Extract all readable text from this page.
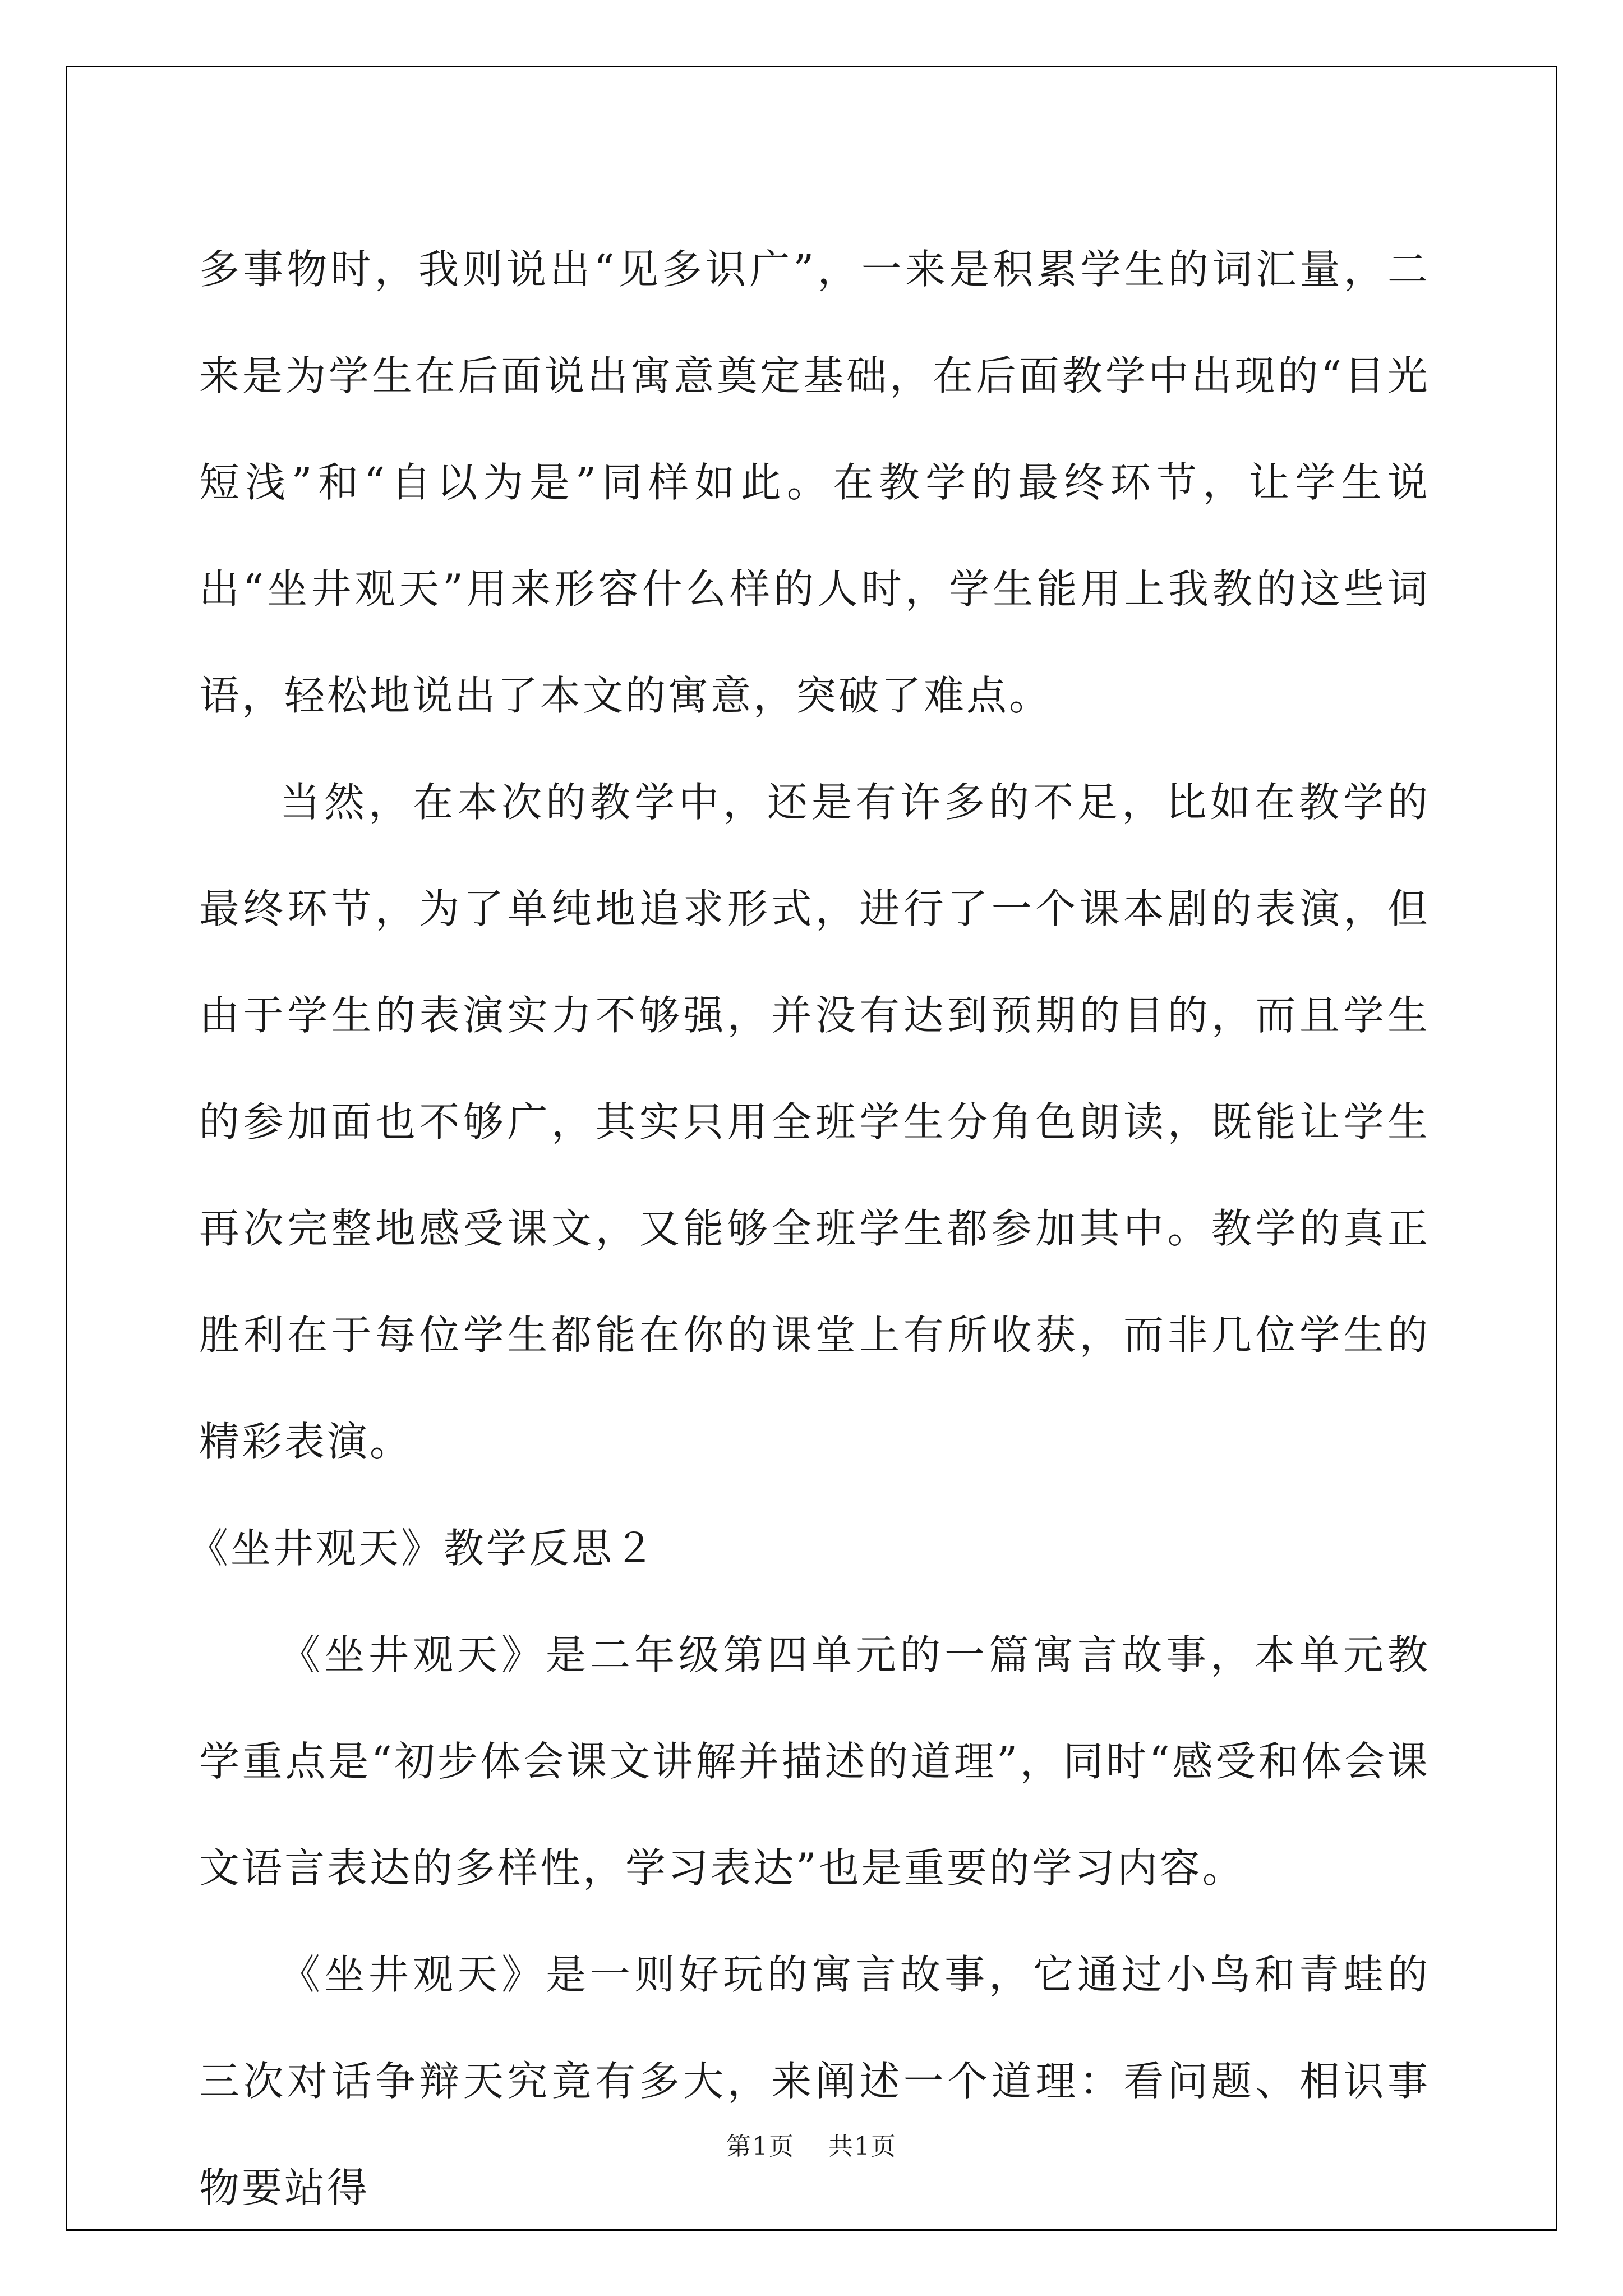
多事物时，我则说出“见多识广”，一来是积累学生的词汇量，二来是为学生在后面说出寓意奠定基础，在后面教学中出现的“目光短浅”和“自以为是”同样如此。在教学的最终环节，让学生说出“坐井观天”用来形容什么样的人时，学生能用上我教的这些词语，轻松地说出了本文的寓意，突破了难点。

当然，在本次的教学中，还是有许多的不足，比如在教学的最终环节，为了单纯地追求形式，进行了一个课本剧的表演，但由于学生的表演实力不够强，并没有达到预期的目的，而且学生的参加面也不够广，其实只用全班学生分角色朗读，既能让学生再次完整地感受课文，又能够全班学生都参加其中。教学的真正胜利在于每位学生都能在你的课堂上有所收获，而非几位学生的精彩表演。

《坐井观天》教学反思２

《坐井观天》是二年级第四单元的一篇寓言故事，本单元教学重点是“初步体会课文讲解并描述的道理”，同时“感受和体会课文语言表达的多样性，学习表达”也是重要的学习内容。

《坐井观天》是一则好玩的寓言故事，它通过小鸟和青蛙的三次对话争辩天究竟有多大，来阐述一个道理：看问题、相识事物要站得

第1页 共1页
